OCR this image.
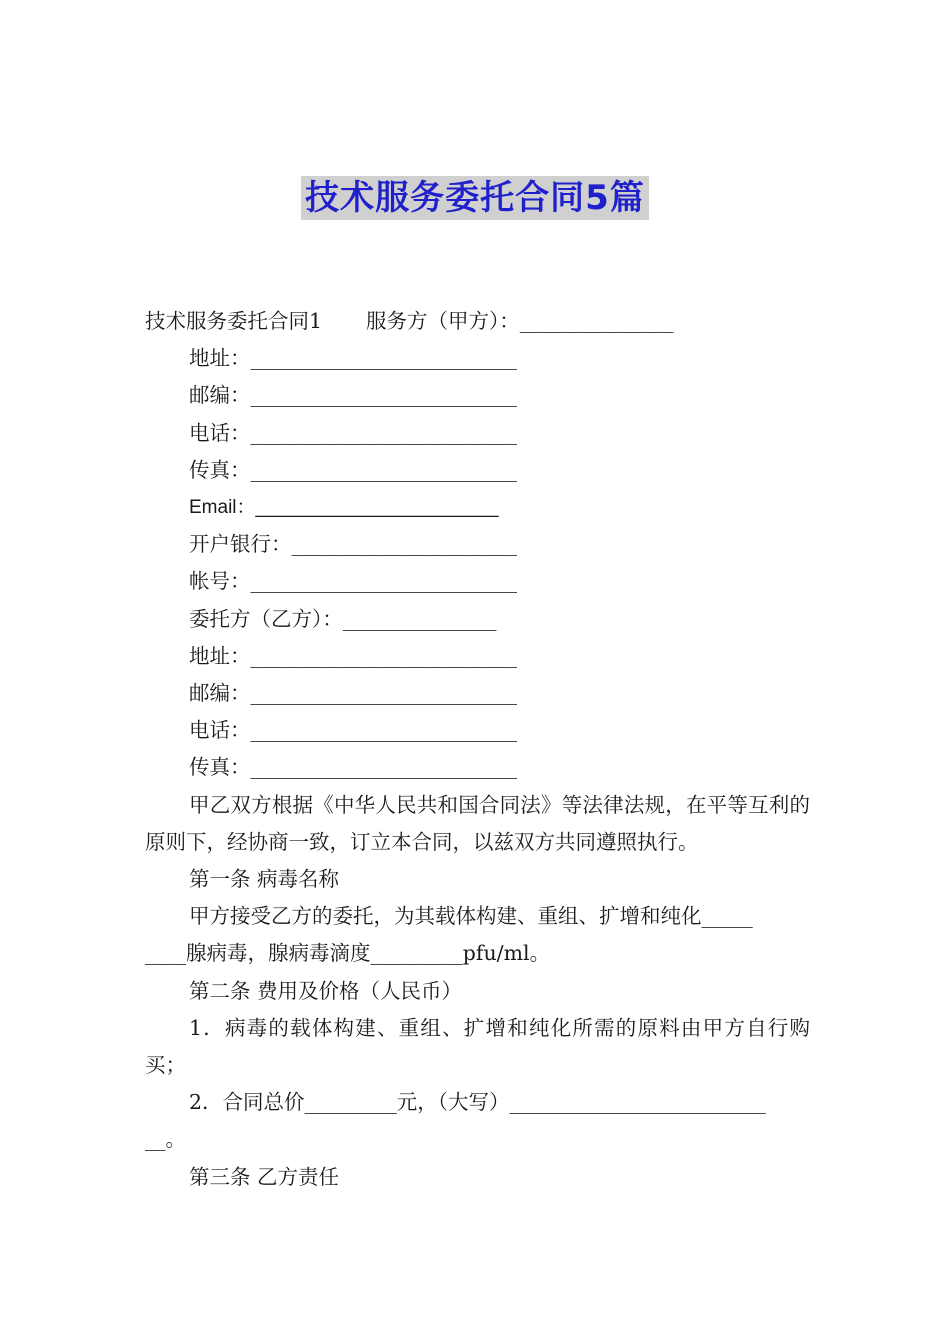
技术服务委托合同5篇

技术服务委托合同1 服务方（甲方）：_______________

地址：__________________________

邮编：__________________________

电话：__________________________

传真：__________________________

Email：_______________________

开户银行：______________________

帐号：__________________________

委托方（乙方）：_______________

地址：__________________________

邮编：__________________________

电话：__________________________

传真：__________________________

甲乙双方根据《中华人民共和国合同法》等法律法规，在平等互利的原则下，经协商一致，订立本合同，以兹双方共同遵照执行。

第一条 病毒名称

甲方接受乙方的委托，为其载体构建、重组、扩增和纯化_____

____腺病毒，腺病毒滴度_________pfu/ml。

第二条 费用及价格（人民币）

1．病毒的载体构建、重组、扩增和纯化所需的原料由甲方自行购买；

2．合同总价_________元，（大写）_________________________

__。

第三条 乙方责任
